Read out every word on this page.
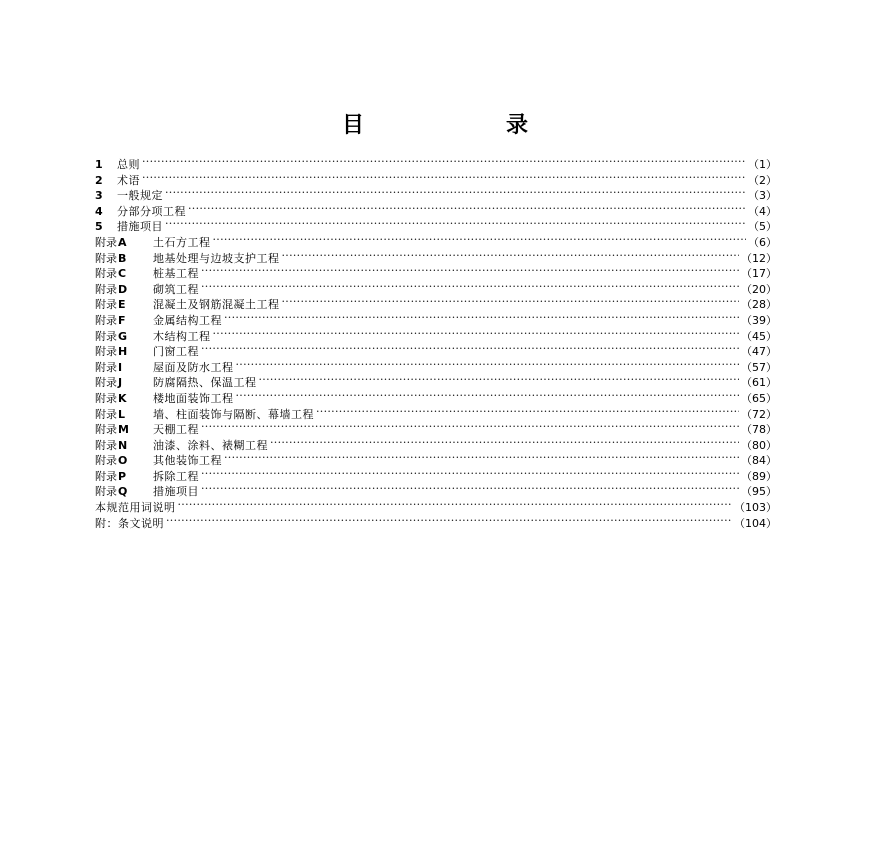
目　录
1	总则 ·····	（1）
2	术语 ·····	（2）
3	一般规定 ·····	（3）
4	分部分项工程 ·····	（4）
5	措施项目 ·····	（5）
附录 A 土石方工程 ·····	（6）
附录 B 地基处理与边坡支护工程 ·····	（12）
附录 C 桩基工程 ·····	（17）
附录 D 砌筑工程 ·····	（20）
附录 E 混凝土及钢筋混凝土工程 ·····	（28）
附录 F 金属结构工程 ·····	（39）
附录 G 木结构工程 ·····	（45）
附录 H 门窗工程 ·····	（47）
附录 I	屋面及防水工程 ·····	（57）
附录 J	防腐隔热、保温工程 ·····	（61）
附录 K 楼地面装饰工程 ·····	（65）
附录 L	墙、柱面装饰与隔断、幕墙工程 ·····	（72）
附录 M 天棚工程 ·····	（78）
附录 N 油漆、涂料、裱糊工程 ·····	（80）
附录 O 其他装饰工程 ·····	（84）
附录 P 拆除工程 ·····	（89）
附录 Q 措施项目 ·····	（95）
本规范用词说明 ·····	（103）
附：条文说明 ·····	（104）
